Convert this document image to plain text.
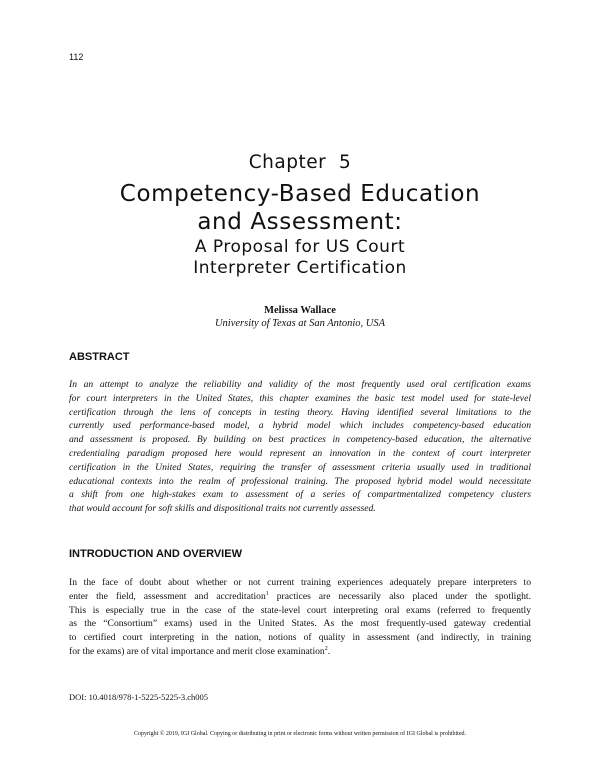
112
Chapter 5
Competency-Based Education
and Assessment:
A Proposal for US Court
Interpreter Certification
Melissa Wallace
University of Texas at San Antonio, USA
ABSTRACT
In an attempt to analyze the reliability and validity of the most frequently used oral certification exams
for court interpreters in the United States, this chapter examines the basic test model used for state-level
certification through the lens of concepts in testing theory. Having identified several limitations to the
currently used performance-based model, a hybrid model which includes competency-based education
and assessment is proposed. By building on best practices in competency-based education, the alternative
credentialing paradigm proposed here would represent an innovation in the context of court interpreter
certification in the United States, requiring the transfer of assessment criteria usually used in traditional
educational contexts into the realm of professional training. The proposed hybrid model would necessitate
a shift from one high-stakes exam to assessment of a series of compartmentalized competency clusters
that would account for soft skills and dispositional traits not currently assessed.
INTRODUCTION AND OVERVIEW
In the face of doubt about whether or not current training experiences adequately prepare interpreters to
enter the field, assessment and accreditation$^1$ practices are necessarily also placed under the spotlight.
This is especially true in the case of the state-level court interpreting oral exams (referred to frequently
as the “Consortium” exams) used in the United States. As the most frequently-used gateway credential
to certified court interpreting in the nation, notions of quality in assessment (and indirectly, in training
for the exams) are of vital importance and merit close examination$^2$.
DOI: 10.4018/978-1-5225-5225-3.ch005
Copyright © 2019, IGI Global. Copying or distributing in print or electronic forms without written permission of IGI Global is prohibited.
